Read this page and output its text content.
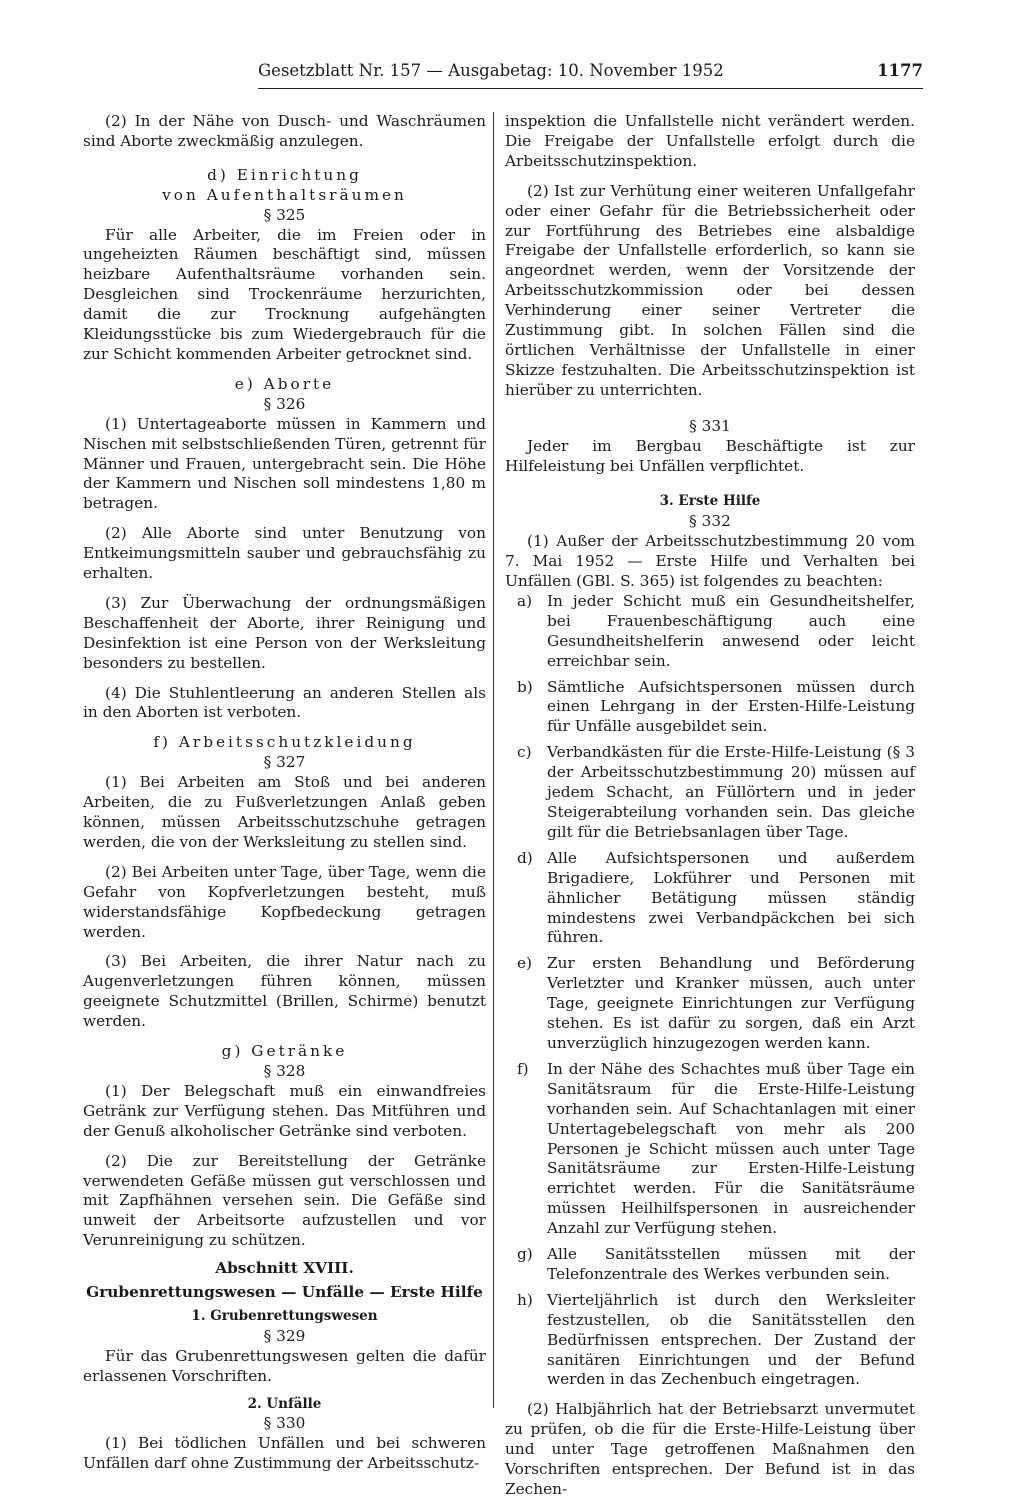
Gesetzblatt Nr. 157 — Ausgabetag: 10. November 1952	1177

(2) In der Nähe von Dusch- und Waschräumen sind Aborte zweckmäßig anzulegen.

d) Einrichtung
von Aufenthaltsräumen
§ 325

Für alle Arbeiter, die im Freien oder in ungeheizten Räumen beschäftigt sind, müssen heizbare Aufenthaltsräume vorhanden sein. Desgleichen sind Trockenräume herzurichten, damit die zur Trocknung aufgehängten Kleidungsstücke bis zum Wiedergebrauch für die zur Schicht kommenden Arbeiter getrocknet sind.

e) Aborte
§ 326

(1) Untertageaborte müssen in Kammern und Nischen mit selbstschließenden Türen, getrennt für Männer und Frauen, untergebracht sein. Die Höhe der Kammern und Nischen soll mindestens 1,80 m betragen.

(2) Alle Aborte sind unter Benutzung von Entkeimungsmitteln sauber und gebrauchsfähig zu erhalten.

(3) Zur Überwachung der ordnungsmäßigen Beschaffenheit der Aborte, ihrer Reinigung und Desinfektion ist eine Person von der Werksleitung besonders zu bestellen.

(4) Die Stuhlentleerung an anderen Stellen als in den Aborten ist verboten.

f) Arbeitsschutzkleidung
§ 327

(1) Bei Arbeiten am Stoß und bei anderen Arbeiten, die zu Fußverletzungen Anlaß geben können, müssen Arbeitsschutzschuhe getragen werden, die von der Werksleitung zu stellen sind.

(2) Bei Arbeiten unter Tage, über Tage, wenn die Gefahr von Kopfverletzungen besteht, muß widerstandsfähige Kopfbedeckung getragen werden.

(3) Bei Arbeiten, die ihrer Natur nach zu Augenverletzungen führen können, müssen geeignete Schutzmittel (Brillen, Schirme) benutzt werden.

g) Getränke
§ 328

(1) Der Belegschaft muß ein einwandfreies Getränk zur Verfügung stehen. Das Mitführen und der Genuß alkoholischer Getränke sind verboten.

(2) Die zur Bereitstellung der Getränke verwendeten Gefäße müssen gut verschlossen und mit Zapfhähnen versehen sein. Die Gefäße sind unweit der Arbeitsorte aufzustellen und vor Verunreinigung zu schützen.

Abschnitt XVIII.
Grubenrettungswesen — Unfälle — Erste Hilfe
1. Grubenrettungswesen
§ 329

Für das Grubenrettungswesen gelten die dafür erlassenen Vorschriften.

2. Unfälle
§ 330

(1) Bei tödlichen Unfällen und bei schweren Unfällen darf ohne Zustimmung der Arbeitsschutz-

inspektion die Unfallstelle nicht verändert werden. Die Freigabe der Unfallstelle erfolgt durch die Arbeitsschutzinspektion.

(2) Ist zur Verhütung einer weiteren Unfallgefahr oder einer Gefahr für die Betriebssicherheit oder zur Fortführung des Betriebes eine alsbaldige Freigabe der Unfallstelle erforderlich, so kann sie angeordnet werden, wenn der Vorsitzende der Arbeitsschutzkommission oder bei dessen Verhinderung einer seiner Vertreter die Zustimmung gibt. In solchen Fällen sind die örtlichen Verhältnisse der Unfallstelle in einer Skizze festzuhalten. Die Arbeitsschutzinspektion ist hierüber zu unterrichten.

§ 331

Jeder im Bergbau Beschäftigte ist zur Hilfeleistung bei Unfällen verpflichtet.

3. Erste Hilfe
§ 332

(1) Außer der Arbeitsschutzbestimmung 20 vom 7. Mai 1952 — Erste Hilfe und Verhalten bei Unfällen (GBl. S. 365) ist folgendes zu beachten:

a) In jeder Schicht muß ein Gesundheitshelfer, bei Frauenbeschäftigung auch eine Gesundheitshelferin anwesend oder leicht erreichbar sein.
b) Sämtliche Aufsichtspersonen müssen durch einen Lehrgang in der Ersten-Hilfe-Leistung für Unfälle ausgebildet sein.
c)	Verbandkästen für die Erste-Hilfe-Leistung (§ 3 der Arbeitsschutzbestimmung 20) müssen auf jedem Schacht, an Füllörtern und in jeder Steigerabteilung vorhanden sein. Das gleiche gilt für die Betriebsanlagen über Tage.
d) Alle Aufsichtspersonen und außerdem Brigadiere, Lokführer und Personen mit ähnlicher Betätigung müssen ständig mindestens zwei Verbandpäckchen bei sich führen.
e) Zur ersten Behandlung und Beförderung Verletzter und Kranker müssen, auch unter Tage, geeignete Einrichtungen zur Verfügung stehen. Es ist dafür zu sorgen, daß ein Arzt unverzüglich hinzugezogen werden kann.
f)	In der Nähe des Schachtes muß über Tage ein Sanitätsraum für die Erste-Hilfe-Leistung vorhanden sein. Auf Schachtanlagen mit einer Untertagebelegschaft von mehr als 200 Personen je Schicht müssen auch unter Tage Sanitätsräume zur Ersten-Hilfe-Leistung errichtet werden. Für die Sanitätsräume müssen Heilhilfspersonen in ausreichender Anzahl zur Verfügung stehen.
g) Alle Sanitätsstellen müssen mit der Telefonzentrale des Werkes verbunden sein.
h) Vierteljährlich ist durch den Werksleiter festzustellen, ob die Sanitätsstellen den Bedürfnissen entsprechen. Der Zustand der sanitären Einrichtungen und der Befund werden in das Zechenbuch eingetragen.

(2) Halbjährlich hat der Betriebsarzt unvermutet zu prüfen, ob die für die Erste-Hilfe-Leistung über und unter Tage getroffenen Maßnahmen den Vorschriften entsprechen. Der Befund ist in das Zechen-
